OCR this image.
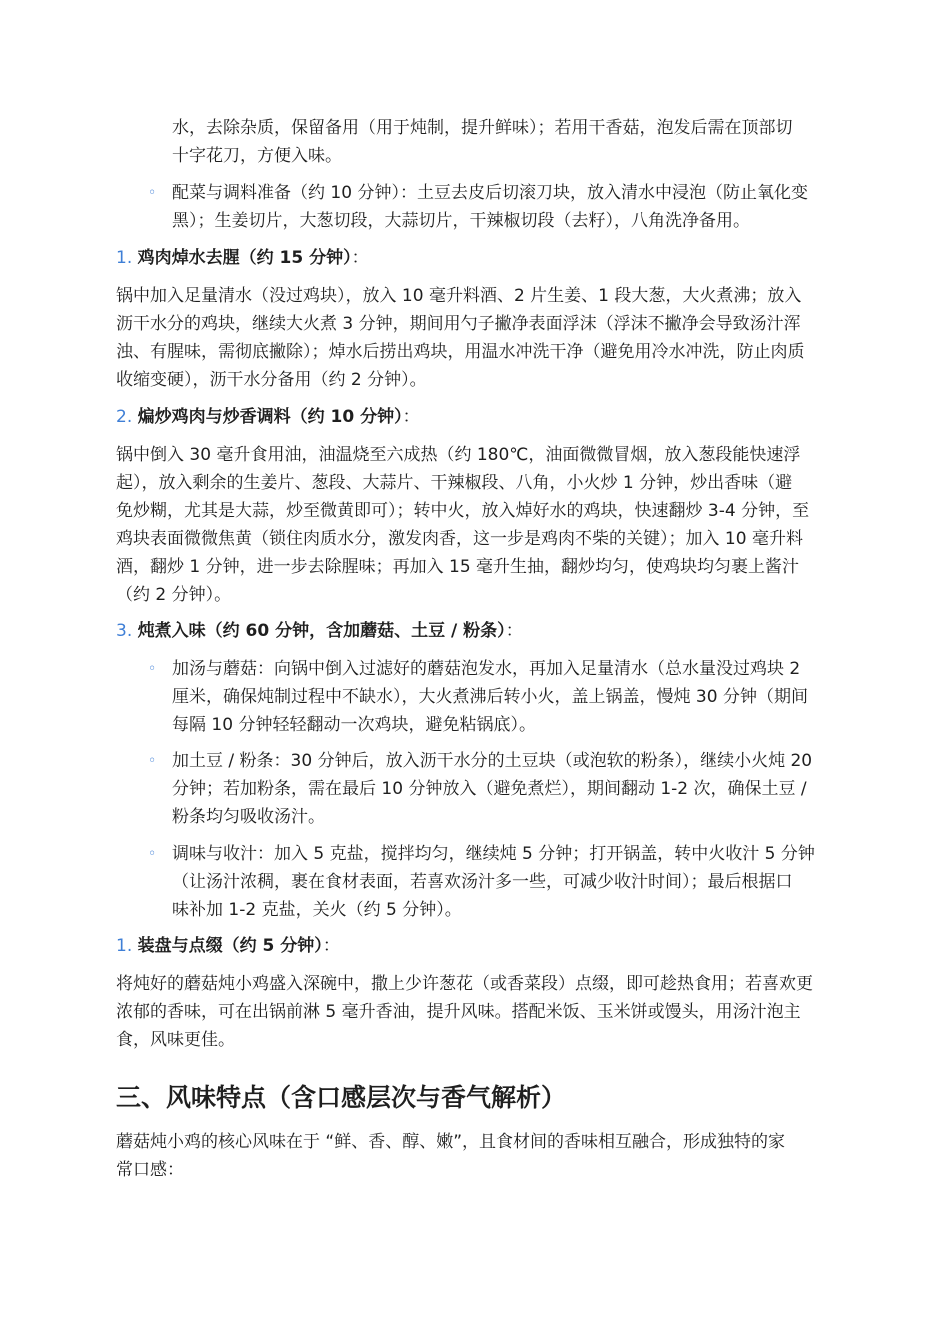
水，去除杂质，保留备用（用于炖制，提升鲜味）；若用干香菇，泡发后需在顶部切
十字花刀，方便入味。
◦ 配菜与调料准备（约 10 分钟）：土豆去皮后切滚刀块，放入清水中浸泡（防止氧化变
黑）；生姜切片，大葱切段，大蒜切片，干辣椒切段（去籽），八角洗净备用。
1. 鸡肉焯水去腥（约 15 分钟）：
锅中加入足量清水（没过鸡块），放入 10 毫升料酒、2 片生姜、1 段大葱，大火煮沸；放入
沥干水分的鸡块，继续大火煮 3 分钟，期间用勺子撇净表面浮沫（浮沫不撇净会导致汤汁浑
浊、有腥味，需彻底撇除）；焯水后捞出鸡块，用温水冲洗干净（避免用冷水冲洗，防止肉质
收缩变硬），沥干水分备用（约 2 分钟）。
2. 煸炒鸡肉与炒香调料（约 10 分钟）：
锅中倒入 30 毫升食用油，油温烧至六成热（约 180℃，油面微微冒烟，放入葱段能快速浮
起），放入剩余的生姜片、葱段、大蒜片、干辣椒段、八角，小火炒 1 分钟，炒出香味（避
免炒糊，尤其是大蒜，炒至微黄即可）；转中火，放入焯好水的鸡块，快速翻炒 3-4 分钟，至
鸡块表面微微焦黄（锁住肉质水分，激发肉香，这一步是鸡肉不柴的关键）；加入 10 毫升料
酒，翻炒 1 分钟，进一步去除腥味；再加入 15 毫升生抽，翻炒均匀，使鸡块均匀裹上酱汁
（约 2 分钟）。
3. 炖煮入味（约 60 分钟，含加蘑菇、土豆 / 粉条）：
◦ 加汤与蘑菇：向锅中倒入过滤好的蘑菇泡发水，再加入足量清水（总水量没过鸡块 2
厘米，确保炖制过程中不缺水），大火煮沸后转小火，盖上锅盖，慢炖 30 分钟（期间
每隔 10 分钟轻轻翻动一次鸡块，避免粘锅底）。
◦ 加土豆 / 粉条：30 分钟后，放入沥干水分的土豆块（或泡软的粉条），继续小火炖 20
分钟；若加粉条，需在最后 10 分钟放入（避免煮烂），期间翻动 1-2 次，确保土豆 /
粉条均匀吸收汤汁。
◦ 调味与收汁：加入 5 克盐，搅拌均匀，继续炖 5 分钟；打开锅盖，转中火收汁 5 分钟
（让汤汁浓稠，裹在食材表面，若喜欢汤汁多一些，可减少收汁时间）；最后根据口
味补加 1-2 克盐，关火（约 5 分钟）。
1. 装盘与点缀（约 5 分钟）：
将炖好的蘑菇炖小鸡盛入深碗中，撒上少许葱花（或香菜段）点缀，即可趁热食用；若喜欢更
浓郁的香味，可在出锅前淋 5 毫升香油，提升风味。搭配米饭、玉米饼或馒头，用汤汁泡主
食，风味更佳。
三、风味特点（含口感层次与香气解析）
蘑菇炖小鸡的核心风味在于 “鲜、香、醇、嫩”，且食材间的香味相互融合，形成独特的家
常口感：
